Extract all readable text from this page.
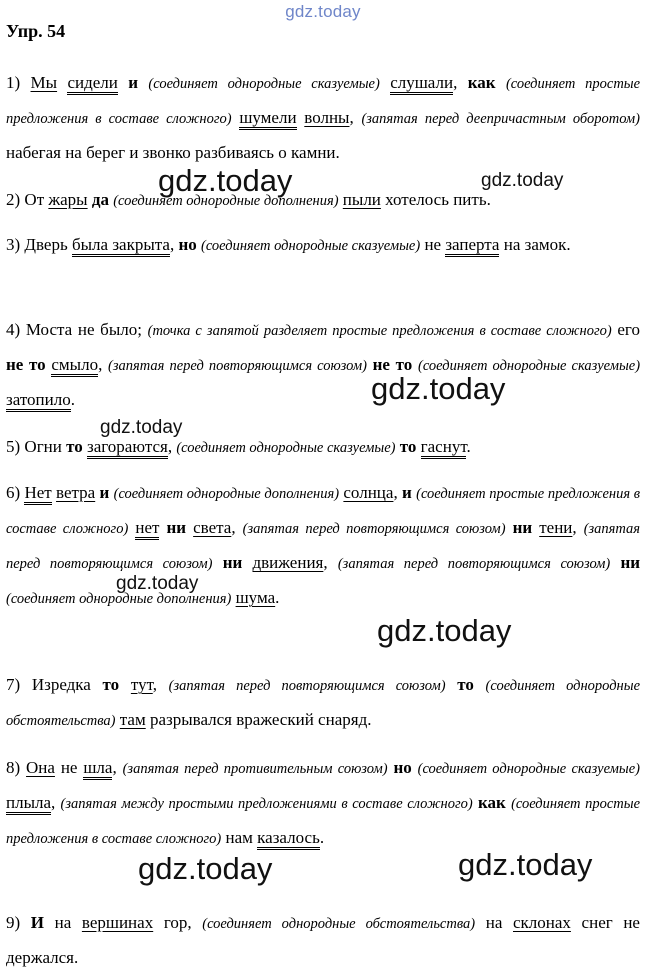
gdz.today
Упр. 54
1) Мы сидели и (соединяет однородные сказуемые) слушали, как (соединяет простые предложения в составе сложного) шумели волны, (запятая перед деепричастным оборотом) набегая на берег и звонко разбиваясь о камни.
2) От жары да (соединяет однородные дополнения) пыли хотелось пить.
3) Дверь была закрыта, но (соединяет однородные сказуемые) не заперта на замок.
4) Моста не было; (точка с запятой разделяет простые предложения в составе сложного) его не то смыло, (запятая перед повторяющимся союзом) не то (соединяет однородные сказуемые) затопило.
5) Огни то загораются, (соединяет однородные сказуемые) то гаснут.
6) Нет ветра и (соединяет однородные дополнения) солнца, и (соединяет простые предложения в составе сложного) нет ни света, (запятая перед повторяющимся союзом) ни тени, (запятая перед повторяющимся союзом) ни движения, (запятая перед повторяющимся союзом) ни (соединяет однородные дополнения) шума.
7) Изредка то тут, (запятая перед повторяющимся союзом) то (соединяет однородные обстоятельства) там разрывался вражеский снаряд.
8) Она не шла, (запятая перед противительным союзом) но (соединяет однородные сказуемые) плыла, (запятая между простыми предложениями в составе сложного) как (соединяет простые предложения в составе сложного) нам казалось.
9) И на вершинах гор, (соединяет однородные обстоятельства) на склонах снег не держался.
gdz.today	gdz.today
gdz.today
gdz.today
gdz.today
gdz.today
gdz.today	gdz.today
